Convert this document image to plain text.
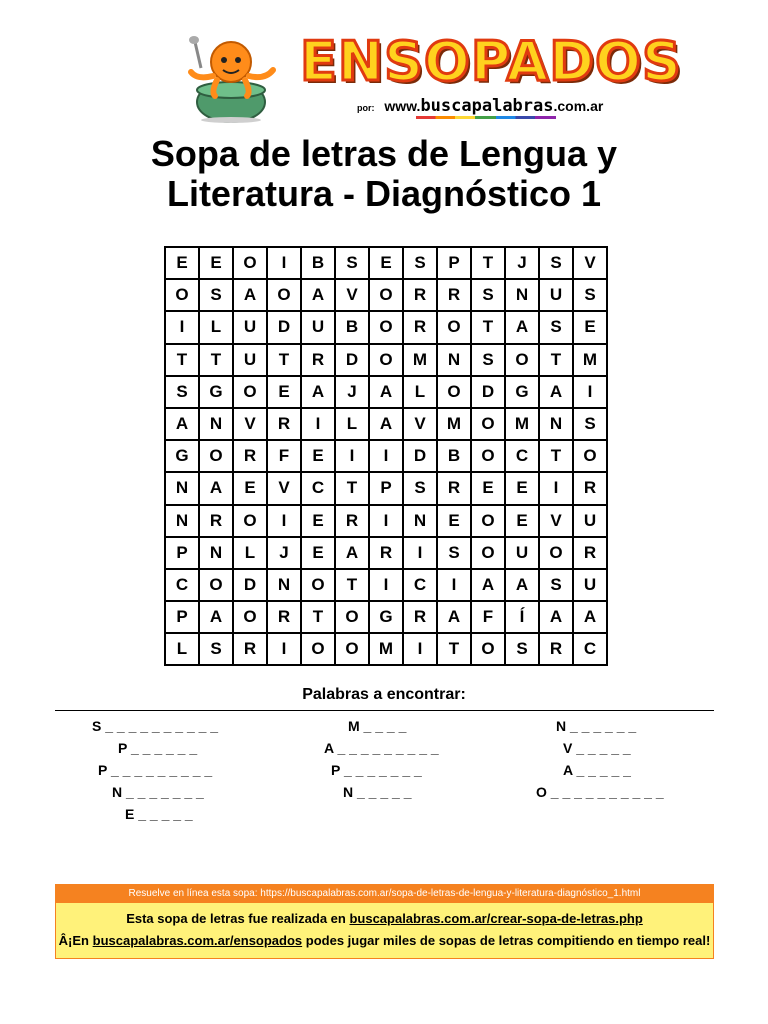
ENSOPADOS
por: www.buscapalabras.com.ar
Sopa de letras de Lengua y
Literatura - Diagnóstico 1
E	E	O	I	B	S	E	S	P	T	J	S	V
O	S	A	O	A	V	O	R	R	S	N	U	S
I	L	U	D	U	B	O	R	O	T	A	S	E
T	T	U	T	R	D	O	M	N	S	O	T	M
S	G	O	E	A	J	A	L	O	D	G	A	I
A	N	V	R	I	L	A	V	M	O	M	N	S
G	O	R	F	E	I	I	D	B	O	C	T	O
N	A	E	V	C	T	P	S	R	E	E	I	R
N	R	O	I	E	R	I	N	E	O	E	V	U
P	N	L	J	E	A	R	I	S	O	U	O	R
C	O	D	N	O	T	I	C	I	A	A	S	U
P	A	O	R	T	O	G	R	A	F	Í	A	A
L	S	R	I	O	O	M	I	T	O	S	R	C
Palabras a encontrar:
S _ _ _ _ _ _ _ _ _ _
P _ _ _ _ _ _
P _ _ _ _ _ _ _ _ _
N _ _ _ _ _ _ _
E _ _ _ _ _
M _ _ _ _
A _ _ _ _ _ _ _ _ _
P _ _ _ _ _ _ _
N _ _ _ _ _
N _ _ _ _ _ _
V _ _ _ _ _
A _ _ _ _ _
O _ _ _ _ _ _ _ _ _ _
Resuelve en línea esta sopa: https://buscapalabras.com.ar/sopa-de-letras-de-lengua-y-literatura-diagnóstico_1.html
Esta sopa de letras fue realizada en buscapalabras.com.ar/crear-sopa-de-letras.php
Â¡En buscapalabras.com.ar/ensopados podes jugar miles de sopas de letras compitiendo en tiempo real!
